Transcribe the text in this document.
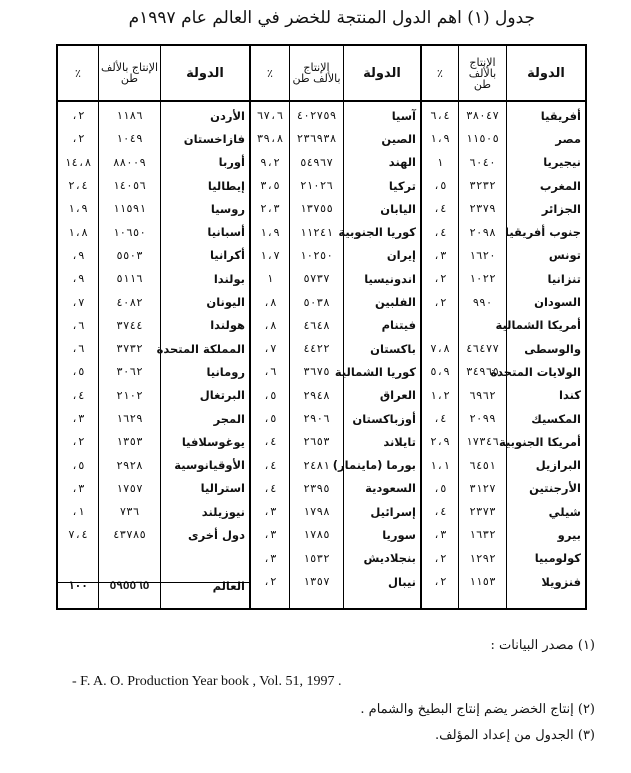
جدول (١) اهم الدول المنتجة للخضر في العالم عام ١٩٩٧م
٪
،٢
،٢
١٤،٨
٢،٤
١،٩
١،٨
،٩
،٩
،٧
،٦
،٦
،٥
،٤
،٣
،٢
،٥
،٣
،١
٧،٤
١٠٠
الإنتاج بالألف طن
١١٨٦
١٠٤٩
٨٨٠٠٩
١٤٠٥٦
١١٥٩١
١٠٦٥٠
٥٥٠٣
٥١١٦
٤٠٨٢
٣٧٤٤
٣٧٣٢
٣٠٦٢
٢١٠٢
١٦٢٩
١٣٥٣
٢٩٢٨
١٧٥٧
٧٣٦
٤٣٧٨٥
٥٩٥٥٦٥
الدولة
الأردن
فازاخستان
أوربا
إيطاليا
روسيا
أسبانيا
أكرانيا
بولندا
اليونان
هولندا
المملكة المتحدة
رومانيا
البرتغال
المجر
يوغوسلافيا
الأوقيانوسية
استراليا
نيوزيلند
دول أخرى
العالم
٪
٦٧،٦
٣٩،٨
٩،٢
٣،٥
٢،٣
١،٩
١،٧
١
،٨
،٨
،٧
،٦
،٥
،٥
،٤
،٤
،٤
،٣
،٣
،٣
،٢
الإنتاج بالألف طن
٤٠٢٧٥٩
٢٣٦٩٣٨
٥٤٩٦٧
٢١٠٢٦
١٣٧٥٥
١١٢٤١
١٠٢٥٠
٥٧٣٧
٥٠٣٨
٤٦٤٨
٤٤٢٢
٣٦٧٥
٢٩٤٨
٢٩٠٦
٢٦٥٣
٢٤٨١
٢٣٩٥
١٧٩٨
١٧٨٥
١٥٣٢
١٣٥٧
الدولة
آسيا
الصين
الهند
تركيا
اليابان
كوريا الجنوبية
إيران
اندونيسيا
الفلبين
فيتنام
باكستان
كوريا الشمالية
العراق
أوزباكستان
تايلاند
بورما (ماينمار)
السعودية
إسرائيل
سوريا
بنجلاديش
نيبال
٪
٦،٤
١،٩
١
،٥
،٤
،٤
،٣
،٢
،٢
٧،٨
٥،٩
١،٢
،٤
٢،٩
١،١
،٥
،٤
،٣
،٢
،٢
الإنتاج بالألف طن
٣٨٠٤٧
١١٥٠٥
٦٠٤٠
٣٢٣٢
٢٣٧٩
٢٠٩٨
١٦٢٠
١٠٢٢
٩٩٠
٤٦٤٧٧
٣٤٩٦٥
٦٩٦٢
٢٠٩٩
١٧٣٤٦
٦٤٥١
٣١٢٧
٢٣٧٣
١٦٣٢
١٢٩٢
١١٥٣
الدولة
أفريقيا
مصر
نيجيريا
المغرب
الجزائر
جنوب أفريقيا
تونس
تنزانيا
السودان
أمريكا الشمالية
والوسطى
الولايات المتحدة
كندا
المكسيك
أمريكا الجنوبية
البرازيل
الأرجنتين
شيلي
بيرو
كولومبيا
فنزويلا
(١) مصدر البيانات :
- F. A. O. Production Year book , Vol. 51, 1997 .
(٢) إنتاج الخضر يضم إنتاج البطيخ والشمام .
(٣) الجدول من إعداد المؤلف.
